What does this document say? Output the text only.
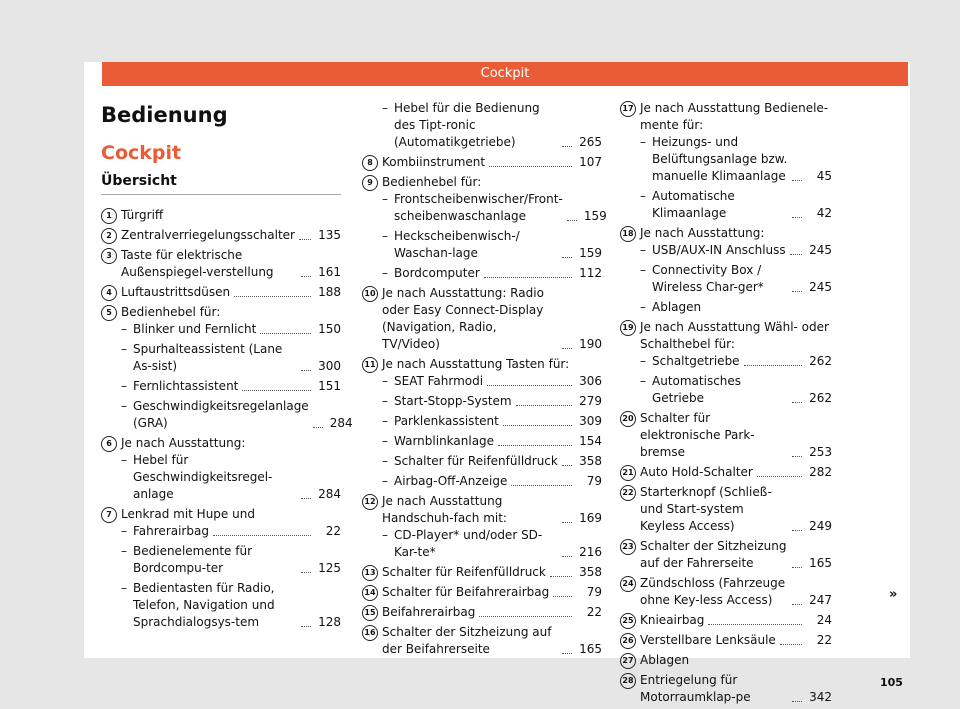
Cockpit
Bedienung
Cockpit
Übersicht
1 Türgriff
2 Zentralverriegelungsschalter 135
3 Taste für elektrische Außenspiegel-verstellung	161
4 Luftaustrittsdüsen	188
5 Bedienhebel für:
– Blinker und Fernlicht	150
– Spurhalteassistent (Lane As-sist)	300
– Fernlichtassistent	151
– Geschwindigkeitsregelanlage (GRA)	284
6 Je nach Ausstattung:
– Hebel für Geschwindigkeitsregel-anlage	284
7 Lenkrad mit Hupe und
– Fahrerairbag	22
– Bedienelemente für Bordcompu-ter	125
– Bedientasten für Radio, Telefon, Navigation und Sprachdialogsys-tem	128
– Hebel für die Bedienung des Tipt-ronic (Automatikgetriebe)	265
8 Kombiinstrument	107
9 Bedienhebel für:
– Frontscheibenwischer/Front-scheibenwaschanlage	159
– Heckscheibenwisch-/ Waschan-lage	159
– Bordcomputer	112
10 Je nach Ausstattung: Radio oder Easy Connect-Display (Navigation, Radio, TV/Video)	190
11 Je nach Ausstattung Tasten für:
– SEAT Fahrmodi	306
– Start-Stopp-System	279
– Parklenkassistent	309
– Warnblinkanlage	154
– Schalter für Reifenfülldruck 358
– Airbag-Off-Anzeige	79
12 Je nach Ausstattung Handschuh-fach mit:	169
– CD-Player* und/oder SD-Kar-te*	216
13 Schalter für Reifenfülldruck	358
14 Schalter für Beifahrerairbag	79
15 Beifahrerairbag	22
16 Schalter der Sitzheizung auf der Beifahrerseite	165
17 Je nach Ausstattung Bedienele-mente für:
– Heizungs- und Belüftungsanlage bzw. manuelle Klimaanlage	45
– Automatische Klimaanlage	42
18 Je nach Ausstattung:
– USB/AUX-IN Anschluss 245
– Connectivity Box / Wireless Char-ger*	245
– Ablagen
19 Je nach Ausstattung Wähl- oder Schalthebel für:
– Schaltgetriebe	262
– Automatisches Getriebe	262
20 Schalter für elektronische Park-bremse	253
21 Auto Hold-Schalter	282
22 Starterknopf (Schließ- und Start-system Keyless Access)	249
23 Schalter der Sitzheizung auf der Fahrerseite	165
24 Zündschloss (Fahrzeuge ohne Key-less Access)	247
25 Knieairbag	24
26 Verstellbare Lenksäule	22
27 Ablagen
28 Entriegelung für Motorraumklap-pe	342
»
105
